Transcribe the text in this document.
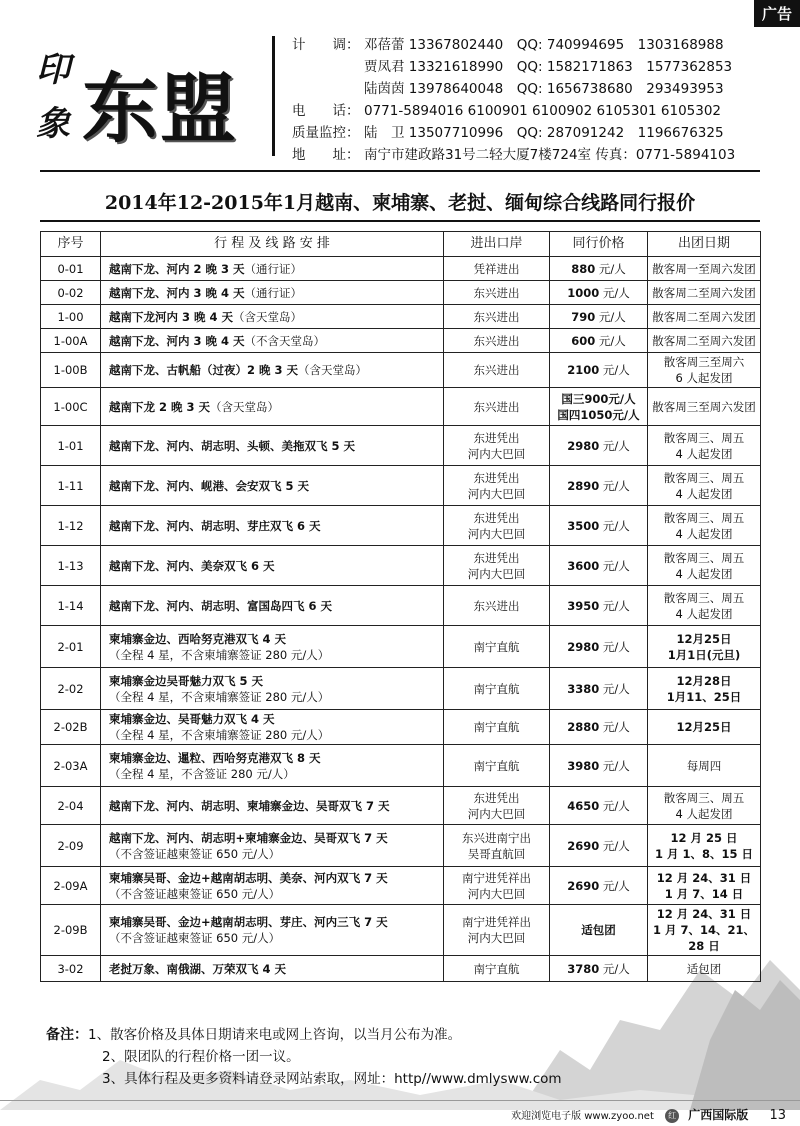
广告
印
象 东盟
计　　调： 邓蓓蕾 13367802440　QQ: 740994695　1303168988
贾凤君 13321618990　QQ: 1582171863　1577362853
陆茵茵 13978640048　QQ: 1656738680　293493953
电　　话： 0771-5894016 6100901 6100902 6105301 6105302
质量监控： 陆　卫 13507710996　QQ: 287091242　1196676325
地　　址： 南宁市建政路31号二轻大厦7楼724室 传真：0771-5894103
2014年12-2015年1月越南、柬埔寨、老挝、缅甸综合线路同行报价
序号	行 程 及 线 路 安 排	进出口岸	同行价格	出团日期
0-01	越南下龙、河内 2 晚 3 天（通行证）	凭祥进出	880 元/人	散客周一至周六发团
0-02	越南下龙、河内 3 晚 4 天（通行证）	东兴进出	1000 元/人	散客周二至周六发团
1-00	越南下龙河内 3 晚 4 天（含天堂岛）	东兴进出	790 元/人	散客周二至周六发团
1-00A	越南下龙、河内 3 晚 4 天（不含天堂岛）	东兴进出	600 元/人	散客周二至周六发团
1-00B	越南下龙、古帆船（过夜）2 晚 3 天（含天堂岛）	东兴进出	2100 元/人	散客周三至周六
6 人起发团
1-00C	越南下龙 2 晚 3 天（含天堂岛）	东兴进出	国三900元/人
国四1050元/人	散客周三至周六发团
1-01	越南下龙、河内、胡志明、头顿、美拖双飞 5 天	东进凭出
河内大巴回	2980 元/人	散客周三、周五
4 人起发团
1-11	越南下龙、河内、岘港、会安双飞 5 天	东进凭出
河内大巴回	2890 元/人	散客周三、周五
4 人起发团
1-12	越南下龙、河内、胡志明、芽庄双飞 6 天	东进凭出
河内大巴回	3500 元/人	散客周三、周五
4 人起发团
1-13	越南下龙、河内、美奈双飞 6 天	东进凭出
河内大巴回	3600 元/人	散客周三、周五
4 人起发团
1-14	越南下龙、河内、胡志明、富国岛四飞 6 天	东兴进出	3950 元/人	散客周三、周五
4 人起发团
2-01	柬埔寨金边、西哈努克港双飞 4 天
（全程 4 星，不含柬埔寨签证 280 元/人）	南宁直航	2980 元/人	12月25日
1月1日(元旦)
2-02	柬埔寨金边吴哥魅力双飞 5 天
（全程 4 星，不含柬埔寨签证 280 元/人）	南宁直航	3380 元/人	12月28日
1月11、25日
2-02B	柬埔寨金边、吴哥魅力双飞 4 天
（全程 4 星，不含柬埔寨签证 280 元/人）	南宁直航	2880 元/人	12月25日
2-03A	柬埔寨金边、暹粒、西哈努克港双飞 8 天
（全程 4 星，不含签证 280 元/人）	南宁直航	3980 元/人	每周四
2-04	越南下龙、河内、胡志明、柬埔寨金边、吴哥双飞 7 天	东进凭出
河内大巴回	4650 元/人	散客周三、周五
4 人起发团
2-09	越南下龙、河内、胡志明+柬埔寨金边、吴哥双飞 7 天
（不含签证越柬签证 650 元/人）	东兴进南宁出
吴哥直航回	2690 元/人	12 月 25 日
1 月 1、8、15 日
2-09A	柬埔寨吴哥、金边+越南胡志明、美奈、河内双飞 7 天
（不含签证越柬签证 650 元/人）	南宁进凭祥出
河内大巴回	2690 元/人	12 月 24、31 日
1 月 7、14 日
2-09B	柬埔寨吴哥、金边+越南胡志明、芽庄、河内三飞 7 天
（不含签证越柬签证 650 元/人）	南宁进凭祥出
河内大巴回	适包团	12 月 24、31 日
1 月 7、14、21、28 日
3-02	老挝万象、南俄湖、万荣双飞 4 天	南宁直航	3780 元/人	适包团
备注：1、散客价格及具体日期请来电或网上咨询，以当月公布为准。
2、限团队的行程价格一团一议。
3、具体行程及更多资料请登录网站索取，网址：http//www.dmlysww.com
欢迎浏览电子版 www.zyoo.net 红 广西国际版 13
